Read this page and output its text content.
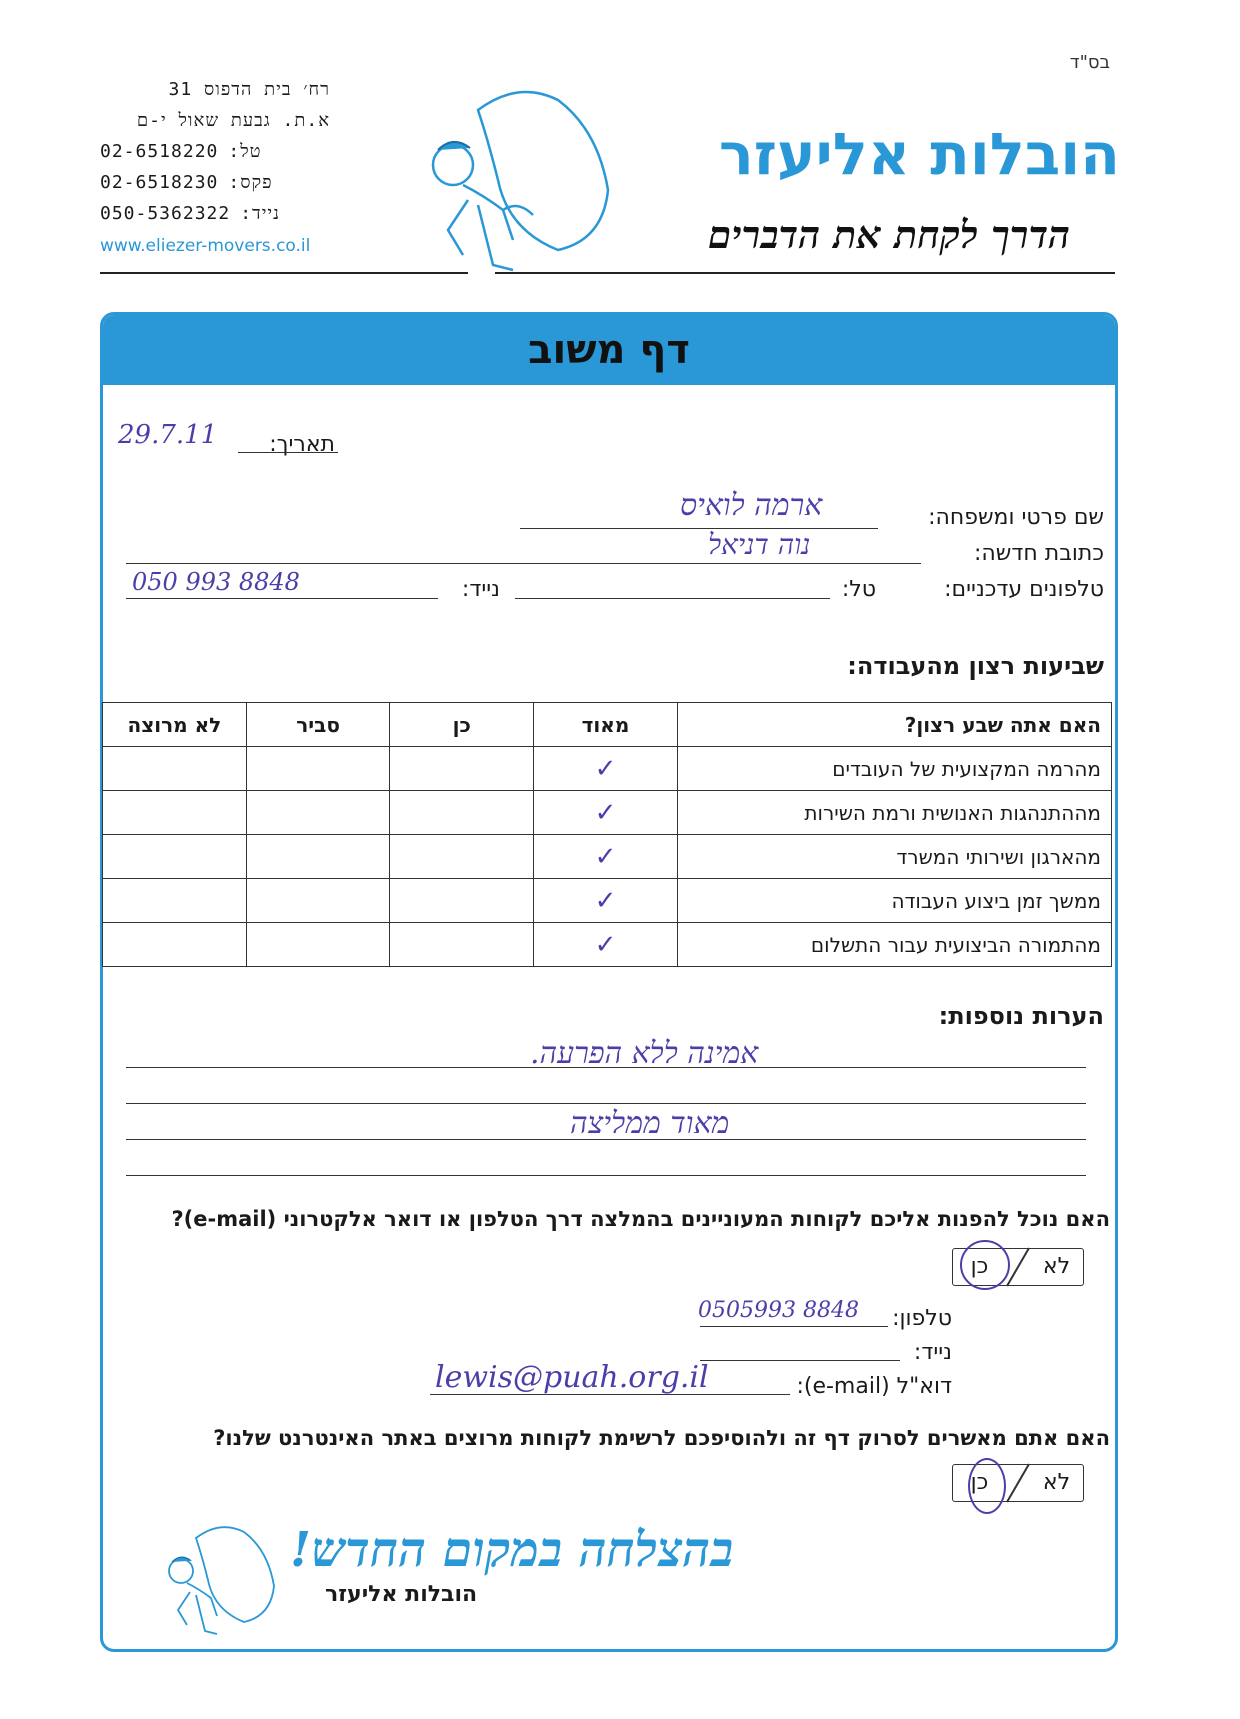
בס"ד
רח׳ בית הדפוס 31
א.ת. גבעת שאול י-ם
טל:
02-6518220
פקס:
02-6518230
נייד:
050-5362322
www.eliezer-movers.co.il
הובלות אליעזר
הדרך לקחת את הדברים
דף משוב
תאריך:
29.7.11
שם פרטי ומשפחה:
ארמה לואיס
כתובת חדשה:
נוה דניאל
טלפונים עדכניים:
טל:
נייד:
050 993 8848
שביעות רצון מהעבודה:
האם אתה שבע רצון?	מאוד	כן	סביר	לא מרוצה
מהרמה המקצועית של העובדים	✓			
מההתנהגות האנושית ורמת השירות	✓			
מהארגון ושירותי המשרד	✓			
ממשך זמן ביצוע העבודה	✓			
מהתמורה הביצועית עבור התשלום	✓			
הערות נוספות:
אמינה ללא הפרעה.
מאוד ממליצה
האם נוכל להפנות אליכם לקוחות המעוניינים בהמלצה דרך הטלפון או דואר אלקטרוני (e-mail)?
לא
כן
טלפון:
0505993 8848
נייד:
דוא"ל (e-mail):
lewis@puah.org.il
האם אתם מאשרים לסרוק דף זה ולהוסיפכם לרשימת לקוחות מרוצים באתר האינטרנט שלנו?
לא
כן
בהצלחה במקום החדש!
הובלות אליעזר
